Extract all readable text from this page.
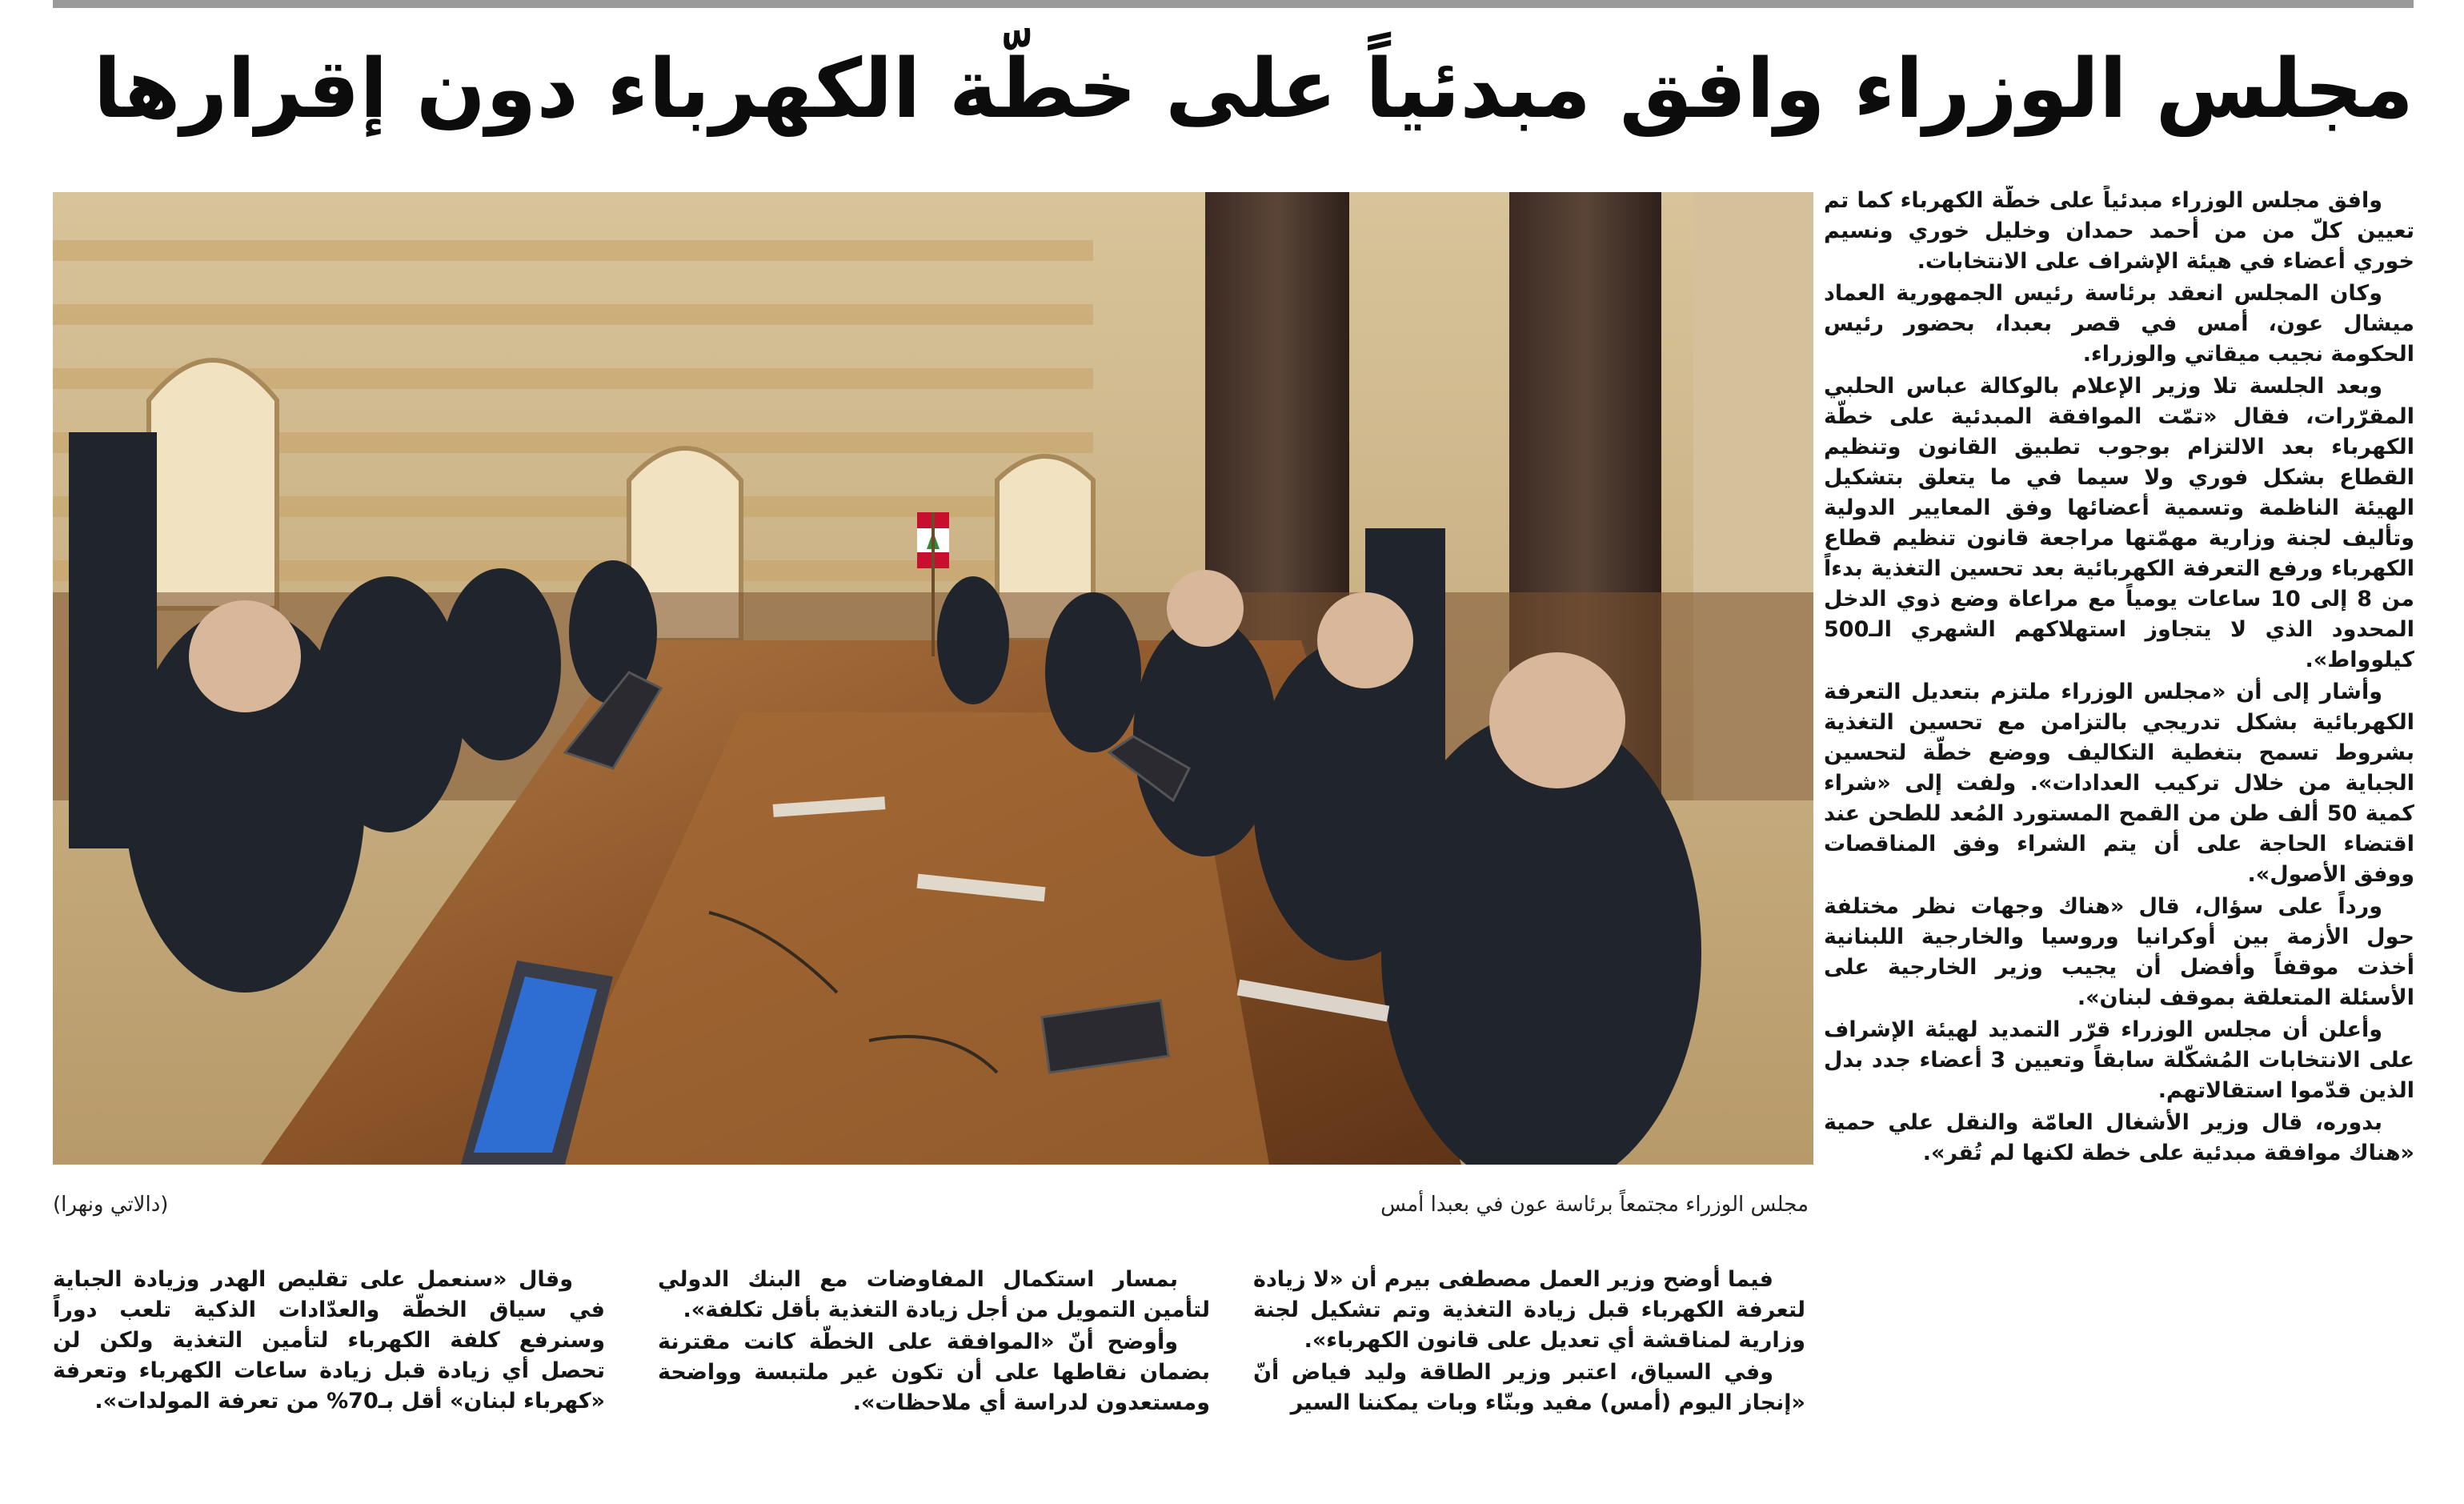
مجلس الوزراء وافق مبدئياً على خطّة الكهرباء دون إقرارها

وافق مجلس الوزراء مبدئياً على خطّة الكهرباء كما تم تعيين كلّ من من أحمد حمدان وخليل خوري ونسيم خوري أعضاء في هيئة الإشراف على الانتخابات.

وكان المجلس انعقد برئاسة رئيس الجمهورية العماد ميشال عون، أمس في قصر بعبدا، بحضور رئيس الحكومة نجيب ميقاتي والوزراء.

وبعد الجلسة تلا وزير الإعلام بالوكالة عباس الحلبي المقرّرات، فقال «تمّت الموافقة المبدئية على خطّة الكهرباء بعد الالتزام بوجوب تطبيق القانون وتنظيم القطاع بشكل فوري ولا سيما في ما يتعلق بتشكيل الهيئة الناظمة وتسمية أعضائها وفق المعايير الدولية وتأليف لجنة وزارية مهمّتها مراجعة قانون تنظيم قطاع الكهرباء ورفع التعرفة الكهربائية بعد تحسين التغذية بدءاً من 8 إلى 10 ساعات يومياً مع مراعاة وضع ذوي الدخل المحدود الذي لا يتجاوز استهلاكهم الشهري الـ500 كيلوواط».

وأشار إلى أن «مجلس الوزراء ملتزم بتعديل التعرفة الكهربائية بشكل تدريجي بالتزامن مع تحسين التغذية بشروط تسمح بتغطية التكاليف ووضع خطّة لتحسين الجباية من خلال تركيب العدادات». ولفت إلى «شراء كمية 50 ألف طن من القمح المستورد المُعد للطحن عند اقتضاء الحاجة على أن يتم الشراء وفق المناقصات ووفق الأصول».

ورداً على سؤال، قال «هناك وجهات نظر مختلفة حول الأزمة بين أوكرانيا وروسيا والخارجية اللبنانية أخذت موقفاً وأفضل أن يجيب وزير الخارجية على الأسئلة المتعلقة بموقف لبنان».

وأعلن أن مجلس الوزراء قرّر التمديد لهيئة الإشراف على الانتخابات المُشكّلة سابقاً وتعيين 3 أعضاء جدد بدل الذين قدّموا استقالاتهم.

بدوره، قال وزير الأشغال العامّة والنقل علي حمية «هناك موافقة مبدئية على خطة لكنها لم تُقر».

مجلس الوزراء مجتمعاً برئاسة عون في بعبدا أمس
(دالاتي ونهرا)

فيما أوضح وزير العمل مصطفى بيرم أن «لا زيادة لتعرفة الكهرباء قبل زيادة التغذية وتم تشكيل لجنة وزارية لمناقشة أي تعديل على قانون الكهرباء».

وفي السياق، اعتبر وزير الطاقة وليد فياض أنّ «إنجاز اليوم (أمس) مفيد وبنّاء وبات يمكننا السير

بمسار استكمال المفاوضات مع البنك الدولي لتأمين التمويل من أجل زيادة التغذية بأقل تكلفة».

وأوضح أنّ «الموافقة على الخطّة كانت مقترنة بضمان نقاطها على أن تكون غير ملتبسة وواضحة ومستعدون لدراسة أي ملاحظات».

وقال «سنعمل على تقليص الهدر وزيادة الجباية في سياق الخطّة والعدّادات الذكية تلعب دوراً وسنرفع كلفة الكهرباء لتأمين التغذية ولكن لن تحصل أي زيادة قبل زيادة ساعات الكهرباء وتعرفة «كهرباء لبنان» أقل بـ70% من تعرفة المولدات».
